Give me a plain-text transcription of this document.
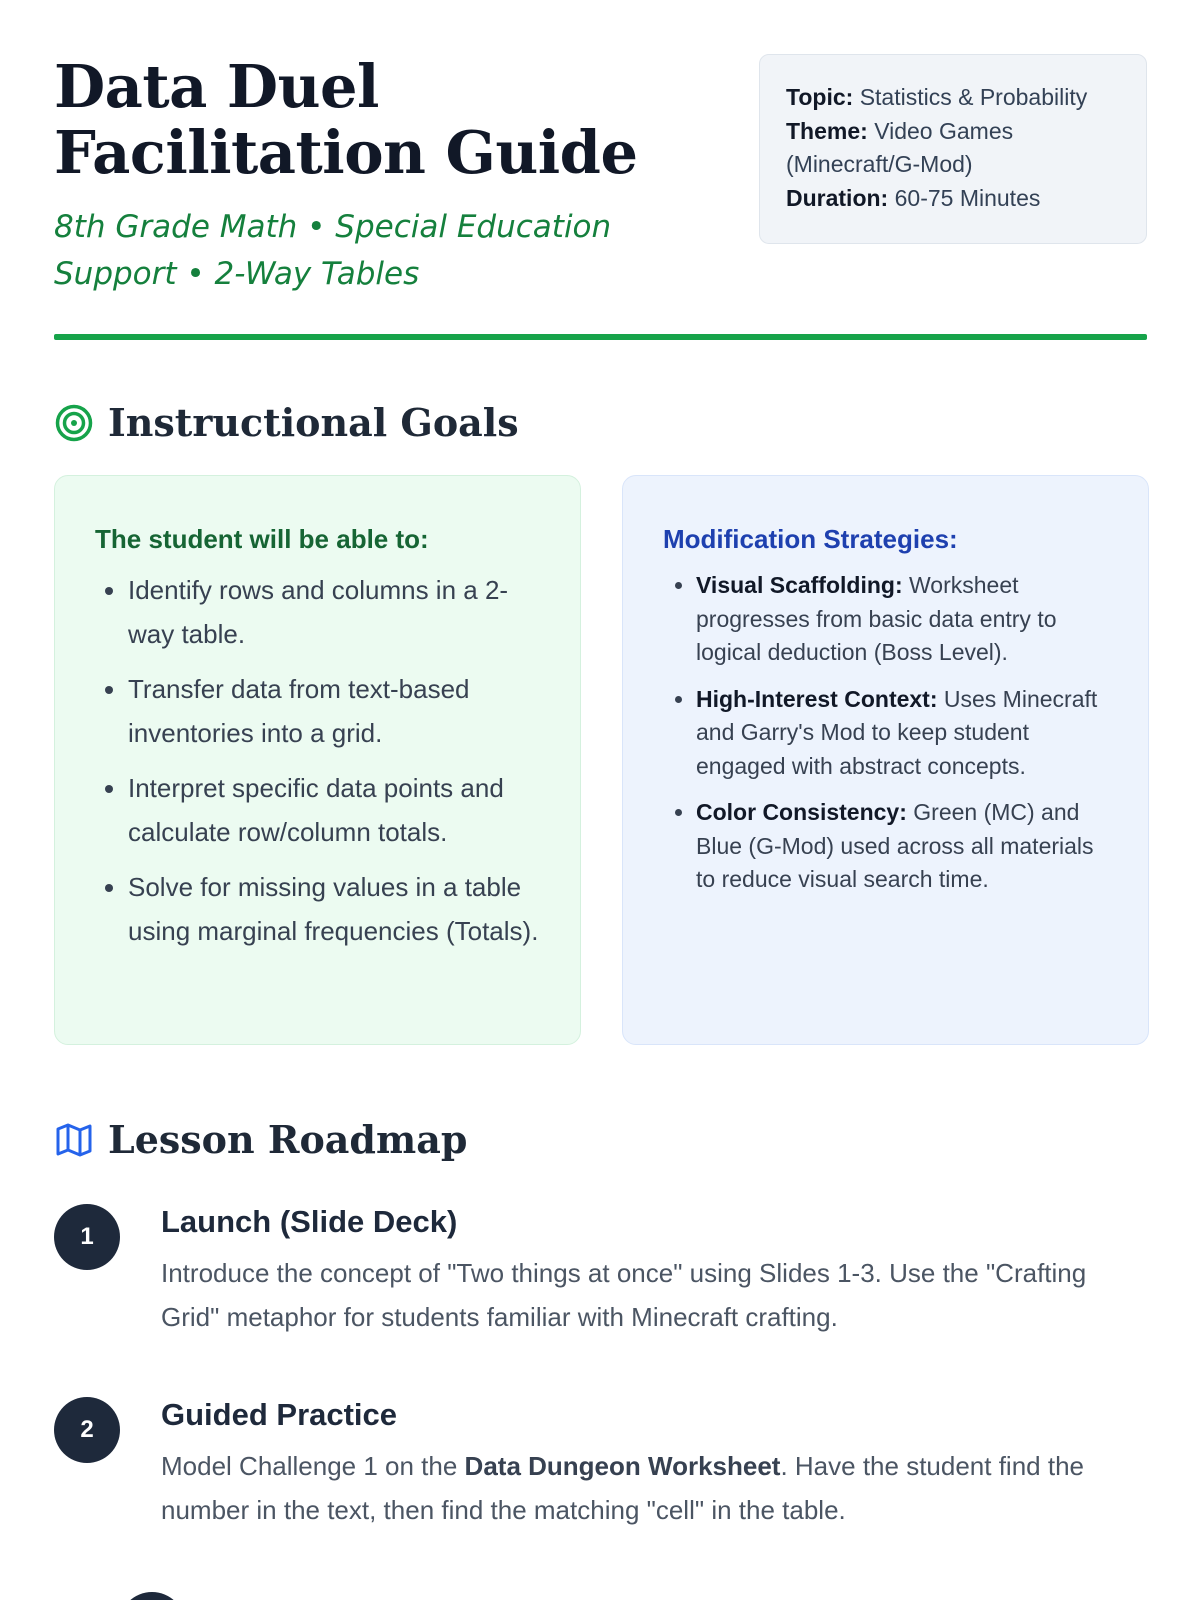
Data Duel Facilitation Guide
8th Grade Math • Special Education Support • 2-Way Tables
Topic: Statistics & Probability
Theme: Video Games (Minecraft/G-Mod)
Duration: 60-75 Minutes
Instructional Goals
The student will be able to:
• Identify rows and columns in a 2-way table.
• Transfer data from text-based inventories into a grid.
• Interpret specific data points and calculate row/column totals.
• Solve for missing values in a table using marginal frequencies (Totals).
Modification Strategies:
• Visual Scaffolding: Worksheet progresses from basic data entry to logical deduction (Boss Level).
• High-Interest Context: Uses Minecraft and Garry's Mod to keep student engaged with abstract concepts.
• Color Consistency: Green (MC) and Blue (G-Mod) used across all materials to reduce visual search time.
Lesson Roadmap
1	Launch (Slide Deck)
Introduce the concept of "Two things at once" using Slides 1-3. Use the "Crafting Grid" metaphor for students familiar with Minecraft crafting.
2	Guided Practice
Model Challenge 1 on the Data Dungeon Worksheet. Have the student find the number in the text, then find the matching "cell" in the table.
